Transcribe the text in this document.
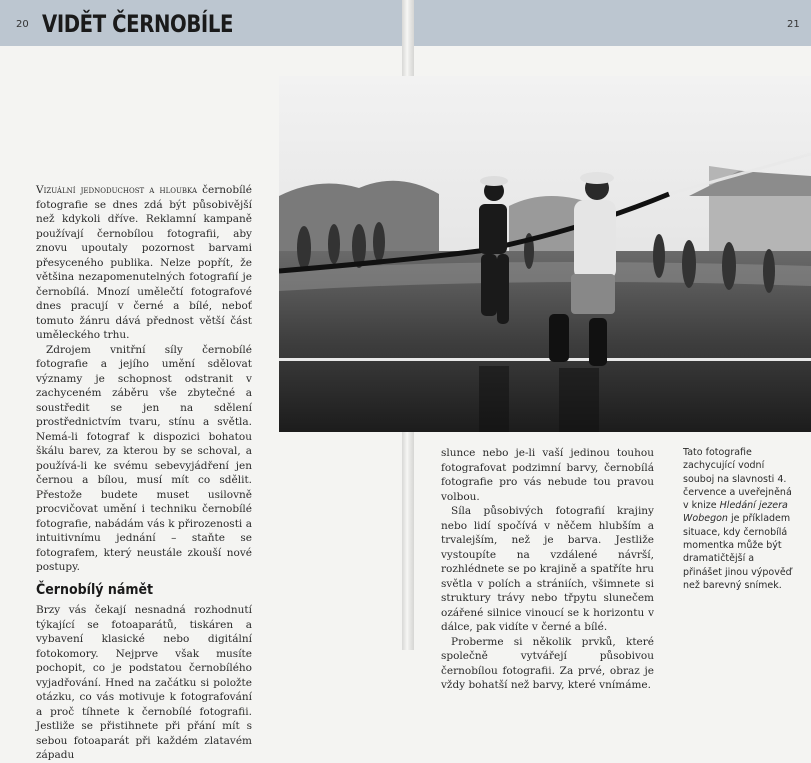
20	21
VIDĚT ČERNOBÍLE

Vizuální jednoduchost a hloubka černobílé fotografie se dnes zdá být působivější než kdykoli dříve. Reklamní kampaně používají černobílou fotografii, aby znovu upoutaly pozornost barvami přesyceného publika. Nelze popřít, že většina nezapomenutelných fotografií je černobílá. Mnozí umělečtí fotografové dnes pracují v černé a bílé, neboť tomuto žánru dává přednost větší část uměleckého trhu.

Zdrojem vnitřní síly černobílé fotografie a jejího umění sdělovat významy je schopnost odstranit v zachyceném záběru vše zbytečné a soustředit se jen na sdělení prostřednictvím tvaru, stínu a světla. Nemá-li fotograf k dispozici bohatou škálu barev, za kterou by se schoval, a používá-li ke svému sebevyjádření jen černou a bílou, musí mít co sdělit. Přestože budete muset usilovně procvičovat umění i techniku černobílé fotografie, nabádám vás k přirozenosti a intuitivnímu jednání – staňte se fotografem, který neustále zkouší nové postupy.

Černobílý námět

Brzy vás čekají nesnadná rozhodnutí týkající se fotoaparátů, tiskáren a vybavení klasické nebo digitální fotokomory. Nejprve však musíte pochopit, co je podstatou černobílého vyjadřování. Hned na začátku si položte otázku, co vás motivuje k fotografování a proč tíhnete k černobílé fotografii. Jestliže se přistihnete při přání mít s sebou fotoaparát při každém zlatavém západu

slunce nebo je-li vaší jedinou touhou fotografovat podzimní barvy, černobílá fotografie pro vás nebude tou pravou volbou.

Síla působivých fotografií krajiny nebo lidí spočívá v něčem hlubším a trvalejším, než je barva. Jestliže vystoupíte na vzdálené návrší, rozhlédnete se po krajině a spatříte hru světla v polích a strániích, všimnete si struktury trávy nebo třpytu slunečem ozářené silnice vinoucí se k horizontu v dálce, pak vidíte v černé a bílé.

Proberme si několik prvků, které společně vytvářejí působivou černobílou fotografii. Za prvé, obraz je vždy bohatší než barvy, které vnímáme.

Tato fotografie zachycující vodní souboj na slavnosti 4. července a uveřejněná v knize Hledání jezera Wobegon je příkladem situace, kdy černobílá momentka může být dramatičtější a přinášet jinou výpověď než barevný snímek.
